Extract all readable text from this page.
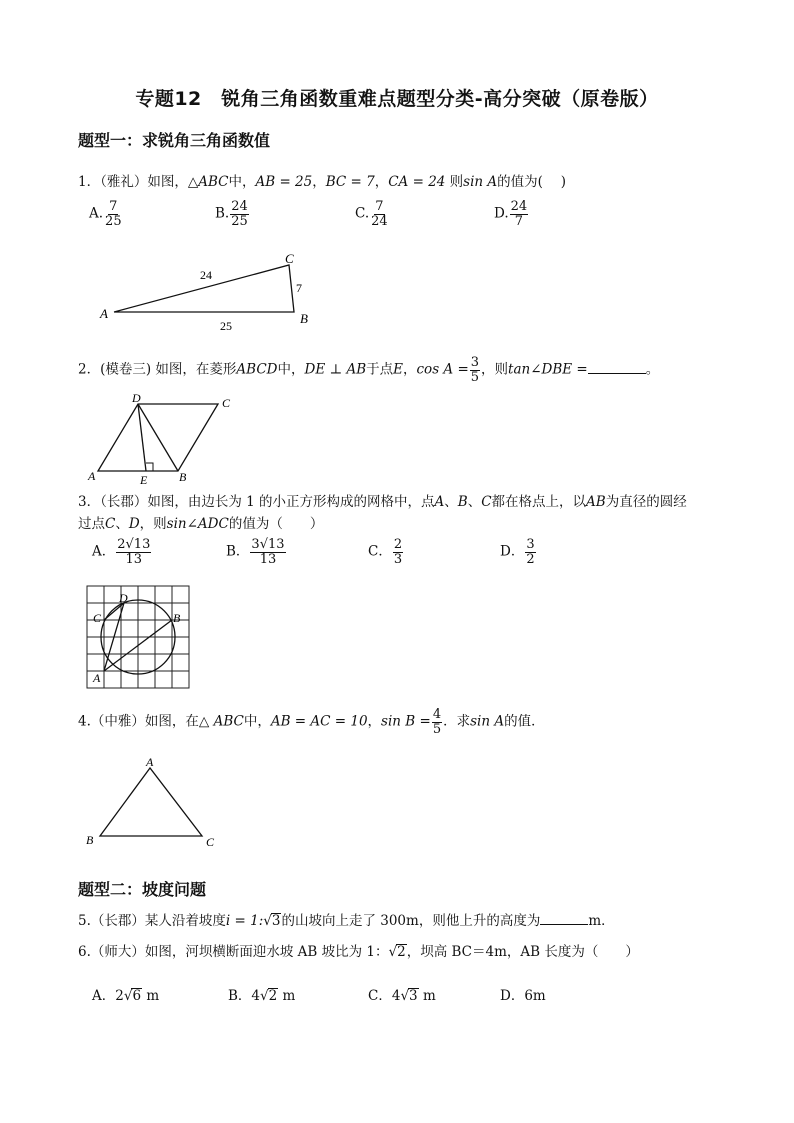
专题12　锐角三角函数重难点题型分类-高分突破（原卷版）
题型一：求锐角三角函数值
1．（雅礼）如图，△ABC中，AB = 25，BC = 7，CA = 24 则sin A的值为(　 )
A. $\frac{7}{25}$	B. $\frac{24}{25}$	C. $\frac{7}{24}$	D. $\frac{24}{7}$
A	B
C
24
7
25
2．(模卷三) 如图，在菱形ABCD中，DE ⊥ AB于点E，$\cos A = \frac{3}{5}$ ，则tan∠DBE =	。
A	B
C
D
E
3．（长郡）如图，由边长为 1 的小正方形构成的网格中，点A、B、C都在格点上，以AB为直径的圆经
过点C、D，则sin∠ADC的值为（　　）
A． $\frac{2√13}{13}$	B． $\frac{3√13}{13}$	C． $\frac{2}{3}$	D． $\frac{3}{2}$
A
B
C
D
4.（中雅）如图，在△ ABC中，AB = AC = 10，$\sin B = \frac{4}{5}$ ．求sin A的值．
A
B	C
题型二：坡度问题
5.（长郡）某人沿着坡度i = 1:√3的山坡向上走了 300m，则他上升的高度为	m．
6.（师大）如图，河坝横断面迎水坡 AB 坡比为 1：√2，坝高 BC＝4m，AB 长度为（　　）
A．2√6 m	B．4√2 m	C．4√3 m	D．6m
